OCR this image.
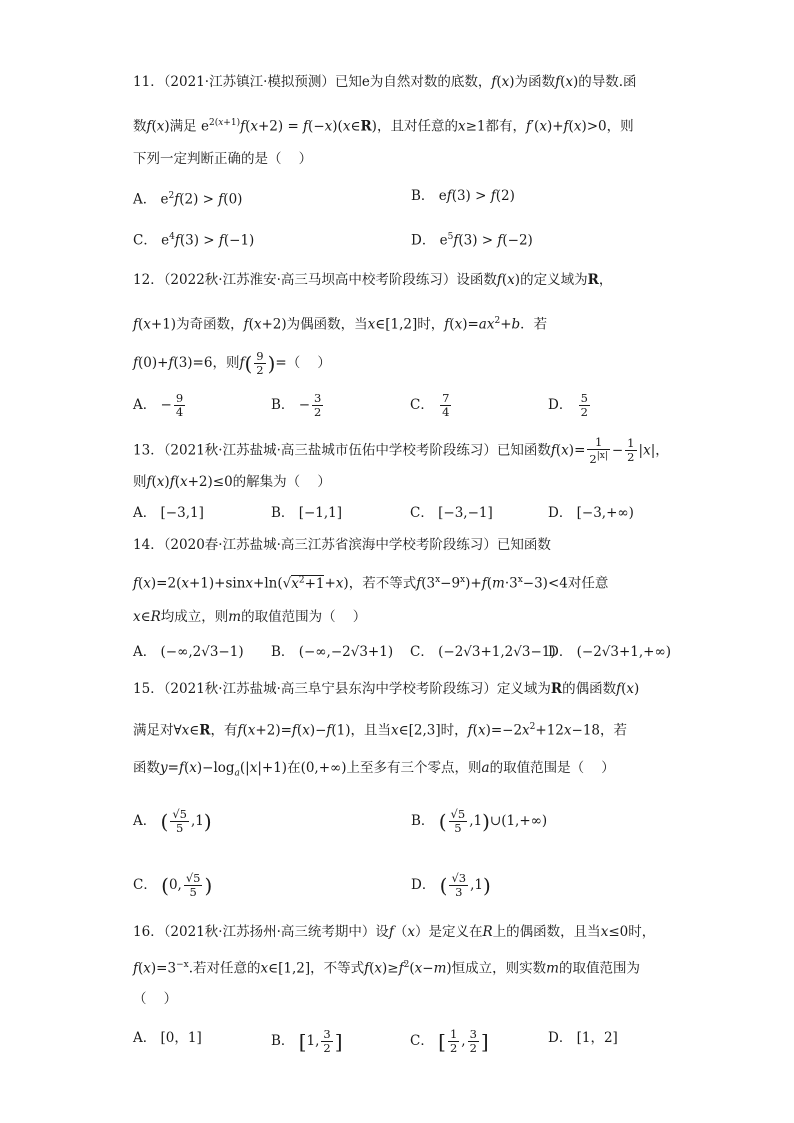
11．（2021·江苏镇江·模拟预测）已知e为自然对数的底数，f(x)为函数f(x)的导数.函
数f(x)满足 $e^{2(x+1)}f(x+2)$ = f(−x)(x∈R)，且对任意的x≥1都有，f′(x)+f(x)>0，则
下列一定判断正确的是（    ）
A． $e^2f(2) > f(0)$	B． ef(3) > f(2)
C． $e^4f(3) > f(-1)$	D． $e^5f(3) > f(-2)$
12．（2022秋·江苏淮安·高三马坝高中校考阶段练习）设函数f(x)的定义域为R，
f(x+1)为奇函数，f(x+2)为偶函数，当x∈[1,2]时，$f(x)=ax^2+b$．若
f(0)+f(3)=6，则$f( \frac{9}{2}$ )=（    ）
A． − $\frac{9}{4}$	B． − $\frac{3}{2}$	C． $\frac{7}{4}$	D． $\frac{5}{2}$
13．（2021秋·江苏盐城·高三盐城市伍佑中学校考阶段练习）已知函数$f(x)= \frac{1}{2^{|x|}} - \frac{1}{2} |x|$，
则f(x)f(x+2)≤0的解集为（    ）
A． [−3,1]	B． [−1,1]	C． [−3,−1]	D． [−3,+∞)
14．（2020春·江苏盐城·高三江苏省滨海中学校考阶段练习）已知函数
$f(x)=2(x+1)+\sin x+\ln(√x^2+1+x)$，若不等式$f(3^x-9^x)+f(m\cdot 3^x-3)<4$对任意
x∈R均成立，则m的取值范围为（    ）
A． (−∞,2√3−1) B． (−∞,−2√3+1) C． (−2√3+1,2√3−1)
D． (−2√3+1,+∞)
15．（2021秋·江苏盐城·高三阜宁县东沟中学校考阶段练习）定义域为R的偶函数f(x)
满足对∀x∈R，有f(x+2)=f(x)−f(1)，且当x∈[2,3]时，$f(x)=-2x^2+12x-18$，若
函数$y=f(x)-\log_a(|x|+1)$在(0,+∞)上至多有三个零点，则a的取值范围是（    ）
A． ( $\frac{√5}{5} ,1$)	B． ( $\frac{√5}{5}$ ,1)∪(1,+∞)
C． (0, $\frac{√5}{5}$ )	D． ( $\frac{√3}{3} ,1$)
16．（2021秋·江苏扬州·高三统考期中）设f（x）是定义在R上的偶函数，且当x≤0时，
$f(x)=3^{-x}$.若对任意的x∈[1,2]，不等式$f(x)\ge f^2(x-m)$恒成立，则实数m的取值范围为
（    ）
A． [0，1]	B． [1, $\frac{3}{2}$ ]	C． [ $\frac{1}{2}$ , $\frac{3}{2}$ ]	D． [1，2]
